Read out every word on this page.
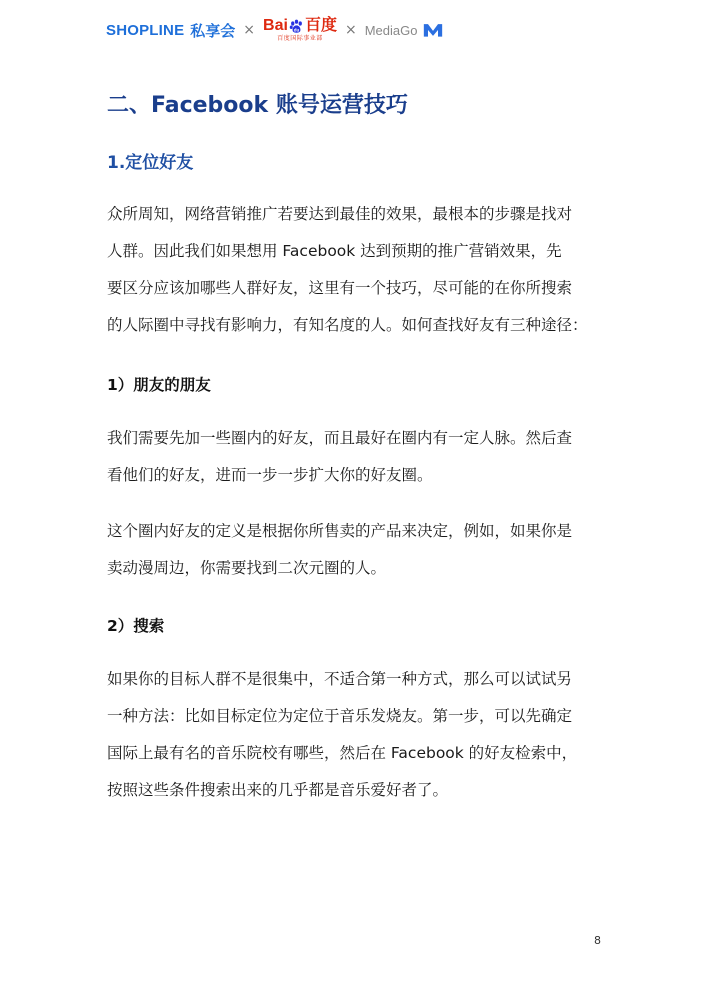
SHOPLINE 私享会 × Bai du 百度
百度国际事业部
× MediaGo
二、Facebook 账号运营技巧
1.定位好友

众所周知，网络营销推广若要达到最佳的效果，最根本的步骤是找对
人群。因此我们如果想用 Facebook 达到预期的推广营销效果，先
要区分应该加哪些人群好友，这里有一个技巧，尽可能的在你所搜索
的人际圈中寻找有影响力，有知名度的人。如何查找好友有三种途径：

1）朋友的朋友

我们需要先加一些圈内的好友，而且最好在圈内有一定人脉。然后查
看他们的好友，进而一步一步扩大你的好友圈。

这个圈内好友的定义是根据你所售卖的产品来决定，例如，如果你是
卖动漫周边，你需要找到二次元圈的人。

2）搜索

如果你的目标人群不是很集中，不适合第一种方式，那么可以试试另
一种方法：比如目标定位为定位于音乐发烧友。第一步，可以先确定
国际上最有名的音乐院校有哪些，然后在 Facebook 的好友检索中，
按照这些条件搜索出来的几乎都是音乐爱好者了。

8
